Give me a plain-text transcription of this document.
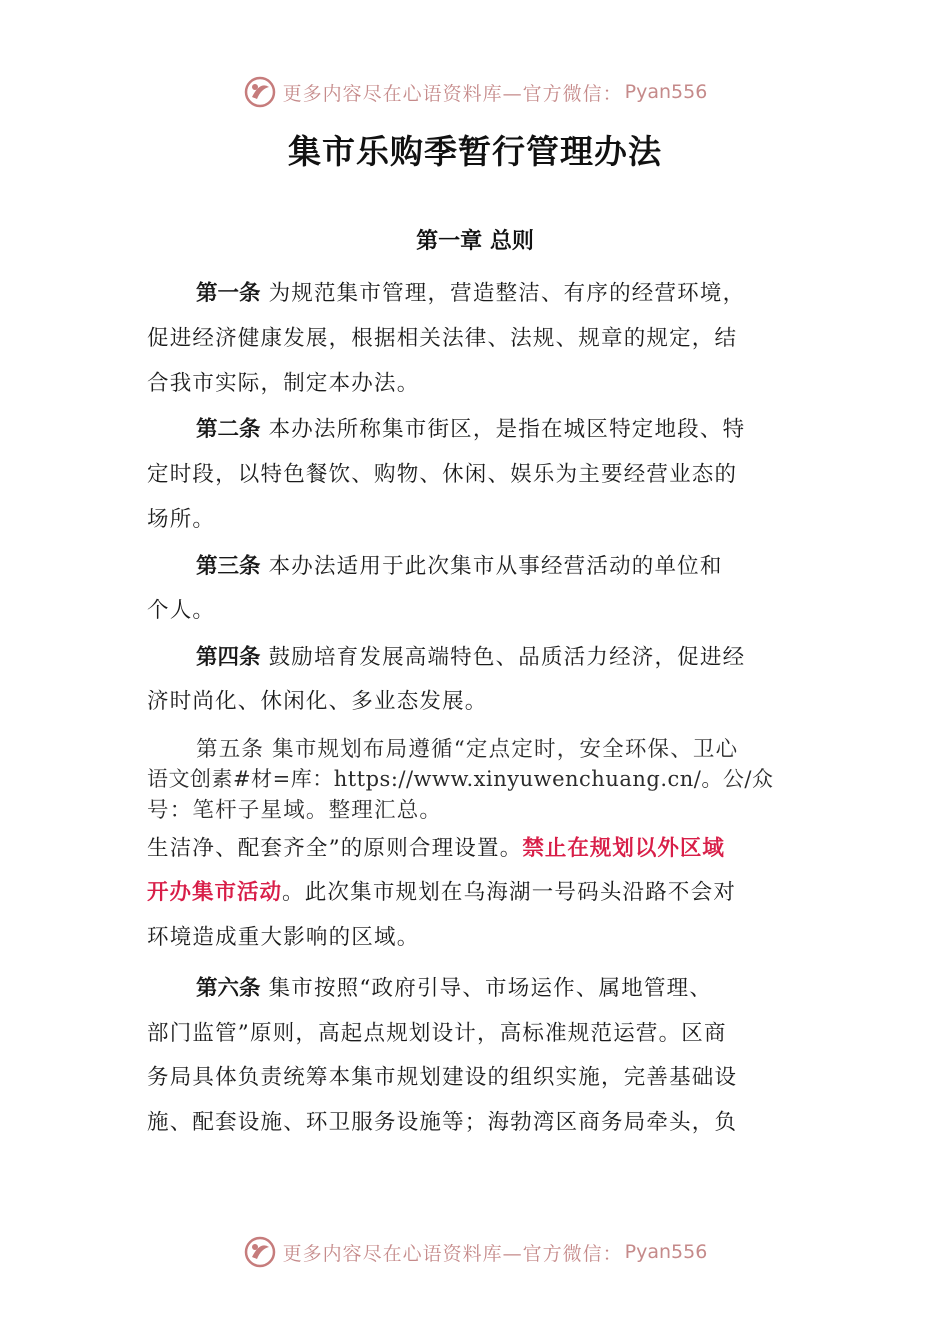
更多内容尽在心语资料库—官方微信： Pyan556
集市乐购季暂行管理办法
第一章 总则
第一条 为规范集市管理，营造整洁、有序的经营环境，
促进经济健康发展，根据相关法律、法规、规章的规定，结
合我市实际，制定本办法。
第二条 本办法所称集市街区，是指在城区特定地段、特
定时段，以特色餐饮、购物、休闲、娱乐为主要经营业态的
场所。
第三条 本办法适用于此次集市从事经营活动的单位和
个人。
第四条 鼓励培育发展高端特色、品质活力经济，促进经
济时尚化、休闲化、多业态发展。
第五条 集市规划布局遵循“定点定时，安全环保、卫心
语文创素#材=库：https://www.xinyuwenchuang.cn/。公/众
号：笔杆子星域。整理汇总。
生洁净、配套齐全”的原则合理设置。禁止在规划以外区域
开办集市活动。此次集市规划在乌海湖一号码头沿路不会对
环境造成重大影响的区域。
第六条 集市按照“政府引导、市场运作、属地管理、
部门监管”原则，高起点规划设计，高标准规范运营。区商
务局具体负责统筹本集市规划建设的组织实施，完善基础设
施、配套设施、环卫服务设施等；海勃湾区商务局牵头，负
更多内容尽在心语资料库—官方微信： Pyan556
